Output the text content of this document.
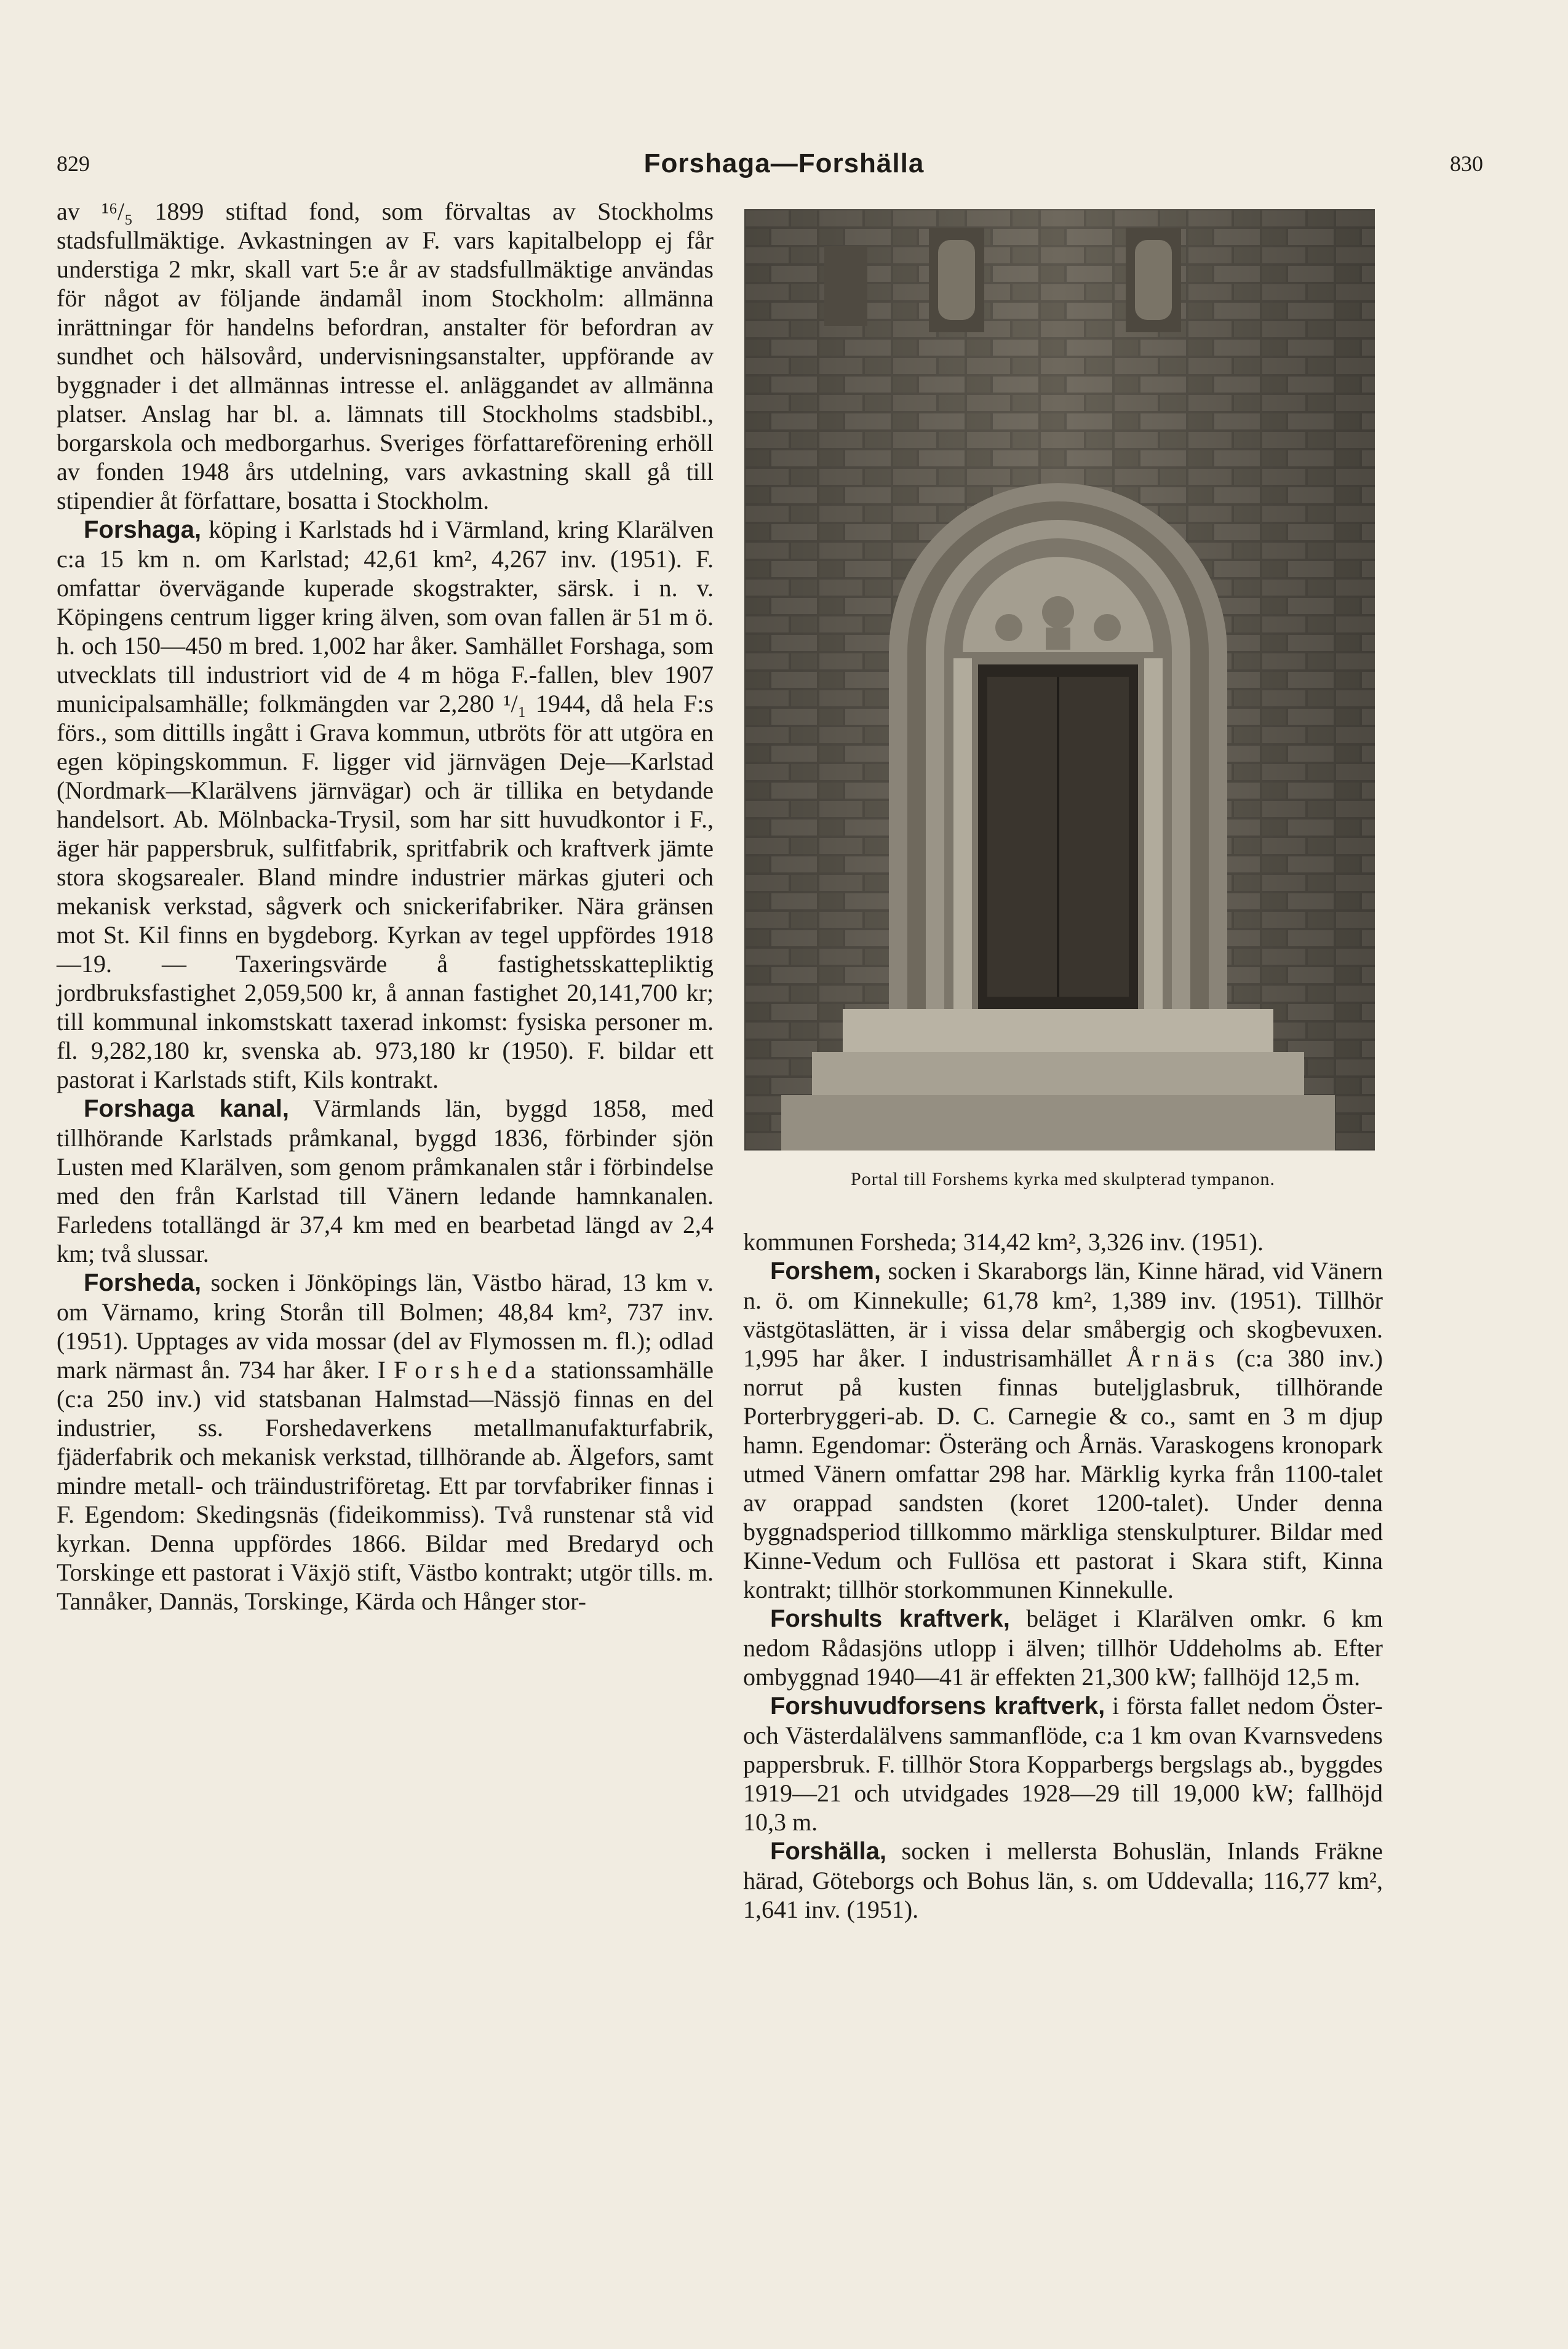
829	Forshaga—Forshälla	830

av ¹⁶/₅ 1899 stiftad fond, som förvaltas av Stockholms stadsfullmäktige. Avkastningen av F. vars kapitalbelopp ej får understiga 2 mkr, skall vart 5:e år av stadsfullmäktige användas för något av följande ändamål inom Stockholm: allmänna inrättningar för handelns befordran, anstalter för befordran av sundhet och hälsovård, undervisningsanstalter, uppförande av byggnader i det allmännas intresse el. anläggandet av allmänna platser. Anslag har bl. a. lämnats till Stockholms stadsbibl., borgarskola och medborgarhus. Sveriges författareförening erhöll av fonden 1948 års utdelning, vars avkastning skall gå till stipendier åt författare, bosatta i Stockholm.

Forshaga, köping i Karlstads hd i Värmland, kring Klarälven c:a 15 km n. om Karlstad; 42,61 km², 4,267 inv. (1951). F. omfattar övervägande kuperade skogstrakter, särsk. i n. v. Köpingens centrum ligger kring älven, som ovan fallen är 51 m ö. h. och 150—450 m bred. 1,002 har åker. Samhället Forshaga, som utvecklats till industriort vid de 4 m höga F.-fallen, blev 1907 municipalsamhälle; folkmängden var 2,280 ¹/₁ 1944, då hela F:s förs., som dittills ingått i Grava kommun, utbröts för att utgöra en egen köpingskommun. F. ligger vid järnvägen Deje—Karlstad (Nordmark—Klarälvens järnvägar) och är tillika en betydande handelsort. Ab. Mölnbacka-Trysil, som har sitt huvudkontor i F., äger här pappersbruk, sulfitfabrik, spritfabrik och kraftverk jämte stora skogsarealer. Bland mindre industrier märkas gjuteri och mekanisk verkstad, sågverk och snickerifabriker. Nära gränsen mot St. Kil finns en bygdeborg. Kyrkan av tegel uppfördes 1918—19. — Taxeringsvärde å fastighetsskattepliktig jordbruksfastighet 2,059,500 kr, å annan fastighet 20,141,700 kr; till kommunal inkomstskatt taxerad inkomst: fysiska personer m. fl. 9,282,180 kr, svenska ab. 973,180 kr (1950). F. bildar ett pastorat i Karlstads stift, Kils kontrakt.

Forshaga kanal, Värmlands län, byggd 1858, med tillhörande Karlstads pråmkanal, byggd 1836, förbinder sjön Lusten med Klarälven, som genom pråmkanalen står i förbindelse med den från Karlstad till Vänern ledande hamnkanalen. Farledens totallängd är 37,4 km med en bearbetad längd av 2,4 km; två slussar.

Forsheda, socken i Jönköpings län, Västbo härad, 13 km v. om Värnamo, kring Storån till Bolmen; 48,84 km², 737 inv. (1951). Upptages av vida mossar (del av Flymossen m. fl.); odlad mark närmast ån. 734 har åker. I Forsheda stationssamhälle (c:a 250 inv.) vid statsbanan Halmstad—Nässjö finnas en del industrier, ss. Forshedaverkens metallmanufakturfabrik, fjäderfabrik och mekanisk verkstad, tillhörande ab. Älgefors, samt mindre metall- och träindustriföretag. Ett par torvfabriker finnas i F. Egendom: Skedingsnäs (fideikommiss). Två runstenar stå vid kyrkan. Denna uppfördes 1866. Bildar med Bredaryd och Torskinge ett pastorat i Växjö stift, Västbo kontrakt; utgör tills. m. Tannåker, Dannäs, Torskinge, Kärda och Hånger stor-

Portal till Forshems kyrka med skulpterad tympanon.

kommunen Forsheda; 314,42 km², 3,326 inv. (1951).

Forshem, socken i Skaraborgs län, Kinne härad, vid Vänern n. ö. om Kinnekulle; 61,78 km², 1,389 inv. (1951). Tillhör västgötaslätten, är i vissa delar småbergig och skogbevuxen. 1,995 har åker. I industrisamhället Årnäs (c:a 380 inv.) norrut på kusten finnas buteljglasbruk, tillhörande Porterbryggeri-ab. D. C. Carnegie & co., samt en 3 m djup hamn. Egendomar: Österäng och Årnäs. Varaskogens kronopark utmed Vänern omfattar 298 har. Märklig kyrka från 1100-talet av orappad sandsten (koret 1200-talet). Under denna byggnadsperiod tillkommo märkliga stenskulpturer. Bildar med Kinne-Vedum och Fullösa ett pastorat i Skara stift, Kinna kontrakt; tillhör storkommunen Kinnekulle.

Forshults kraftverk, beläget i Klarälven omkr. 6 km nedom Rådasjöns utlopp i älven; tillhör Uddeholms ab. Efter ombyggnad 1940—41 är effekten 21,300 kW; fallhöjd 12,5 m.

Forshuvudforsens kraftverk, i första fallet nedom Öster- och Västerdalälvens sammanflöde, c:a 1 km ovan Kvarnsvedens pappersbruk. F. tillhör Stora Kopparbergs bergslags ab., byggdes 1919—21 och utvidgades 1928—29 till 19,000 kW; fallhöjd 10,3 m.

Forshälla, socken i mellersta Bohuslän, Inlands Fräkne härad, Göteborgs och Bohus län, s. om Uddevalla; 116,77 km², 1,641 inv. (1951).
